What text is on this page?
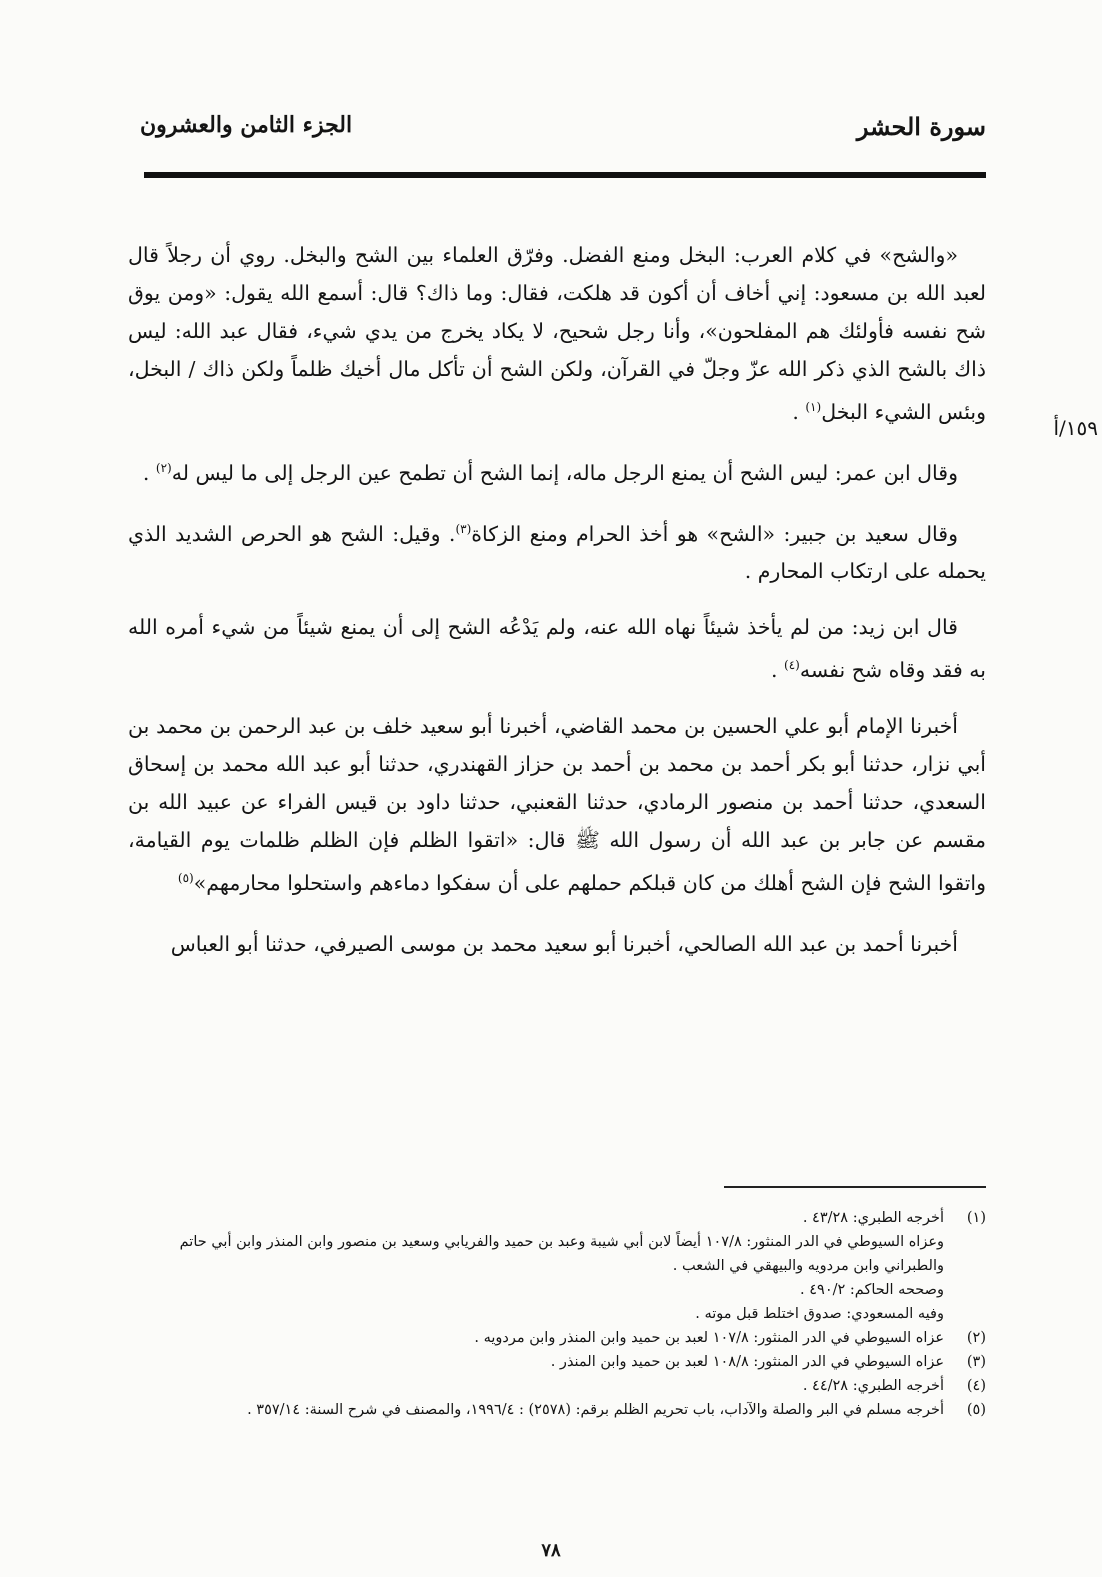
سورة الحشر
الجزء الثامن والعشرون
١٥٩/أ

«والشح» في كلام العرب: البخل ومنع الفضل. وفرّق العلماء بين الشح والبخل. روي أن رجلاً قال لعبد الله بن مسعود: إني أخاف أن أكون قد هلكت، فقال: وما ذاك؟ قال: أسمع الله يقول: «ومن يوق شح نفسه فأولئك هم المفلحون»، وأنا رجل شحيح، لا يكاد يخرج من يدي شيء، فقال عبد الله: ليس ذاك بالشح الذي ذكر الله عزّ وجلّ في القرآن، ولكن الشح أن تأكل مال أخيك ظلماً ولكن ذاك / البخل، وبئس الشيء البخل$^{(١)}$ .

وقال ابن عمر: ليس الشح أن يمنع الرجل ماله، إنما الشح أن تطمح عين الرجل إلى ما ليس له$^{(٢)}$ .

وقال سعيد بن جبير: «الشح» هو أخذ الحرام ومنع الزكاة$^{(٣)}$. وقيل: الشح هو الحرص الشديد الذي يحمله على ارتكاب المحارم .

قال ابن زيد: من لم يأخذ شيئاً نهاه الله عنه، ولم يَدْعُه الشح إلى أن يمنع شيئاً من شيء أمره الله به فقد وقاه شح نفسه$^{(٤)}$ .

أخبرنا الإمام أبو علي الحسين بن محمد القاضي، أخبرنا أبو سعيد خلف بن عبد الرحمن بن محمد بن أبي نزار، حدثنا أبو بكر أحمد بن محمد بن أحمد بن حزاز القهندري، حدثنا أبو عبد الله محمد بن إسحاق السعدي، حدثنا أحمد بن منصور الرمادي، حدثنا القعنبي، حدثنا داود بن قيس الفراء عن عبيد الله بن مقسم عن جابر بن عبد الله أن رسول الله ﷺ قال: «اتقوا الظلم فإن الظلم ظلمات يوم القيامة، واتقوا الشح فإن الشح أهلك من كان قبلكم حملهم على أن سفكوا دماءهم واستحلوا محارمهم»$^{(٥)}$

أخبرنا أحمد بن عبد الله الصالحي، أخبرنا أبو سعيد محمد بن موسى الصيرفي، حدثنا أبو العباس

(١)
أخرجه الطبري: ٤٣/٢٨ .
وعزاه السيوطي في الدر المنثور: ١٠٧/٨ أيضاً لابن أبي شيبة وعبد بن حميد والفريابي وسعيد بن منصور وابن المنذر وابن أبي حاتم والطبراني وابن مردويه والبيهقي في الشعب .
وصححه الحاكم: ٤٩٠/٢ .
وفيه المسعودي: صدوق اختلط قبل موته .
(٢)
عزاه السيوطي في الدر المنثور: ١٠٧/٨ لعبد بن حميد وابن المنذر وابن مردويه .
(٣)
عزاه السيوطي في الدر المنثور: ١٠٨/٨ لعبد بن حميد وابن المنذر .
(٤)
أخرجه الطبري: ٤٤/٢٨ .
(٥)
أخرجه مسلم في البر والصلة والآداب، باب تحريم الظلم برقم: (٢٥٧٨) : ١٩٩٦/٤، والمصنف في شرح السنة: ٣٥٧/١٤ .
٧٨
